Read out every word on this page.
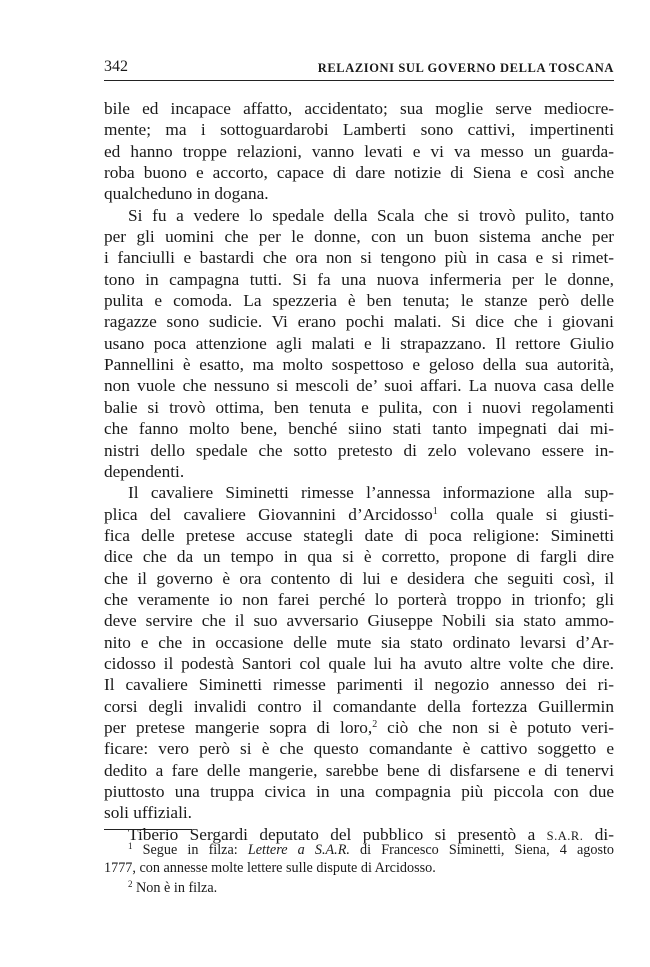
342	RELAZIONI SUL GOVERNO DELLA TOSCANA
bile ed incapace affatto, accidentato; sua moglie serve mediocre-
mente; ma i sottoguardarobi Lamberti sono cattivi, impertinenti
ed hanno troppe relazioni, vanno levati e vi va messo un guarda-
roba buono e accorto, capace di dare notizie di Siena e così anche
qualcheduno in dogana.
Si fu a vedere lo spedale della Scala che si trovò pulito, tanto
per gli uomini che per le donne, con un buon sistema anche per
i fanciulli e bastardi che ora non si tengono più in casa e si rimet-
tono in campagna tutti. Si fa una nuova infermeria per le donne,
pulita e comoda. La spezzeria è ben tenuta; le stanze però delle
ragazze sono sudicie. Vi erano pochi malati. Si dice che i giovani
usano poca attenzione agli malati e li strapazzano. Il rettore Giulio
Pannellini è esatto, ma molto sospettoso e geloso della sua autorità,
non vuole che nessuno si mescoli de’ suoi affari. La nuova casa delle
balie si trovò ottima, ben tenuta e pulita, con i nuovi regolamenti
che fanno molto bene, benché siino stati tanto impegnati dai mi-
nistri dello spedale che sotto pretesto di zelo volevano essere in-
dependenti.
Il cavaliere Siminetti rimesse l’annessa informazione alla sup-
plica del cavaliere Giovannini d’Arcidosso$^1$ colla quale si giusti-
fica delle pretese accuse stategli date di poca religione: Siminetti
dice che da un tempo in qua si è corretto, propone di fargli dire
che il governo è ora contento di lui e desidera che seguiti così, il
che veramente io non farei perché lo porterà troppo in trionfo; gli
deve servire che il suo avversario Giuseppe Nobili sia stato ammo-
nito e che in occasione delle mute sia stato ordinato levarsi d’Ar-
cidosso il podestà Santori col quale lui ha avuto altre volte che dire.
Il cavaliere Siminetti rimesse parimenti il negozio annesso dei ri-
corsi degli invalidi contro il comandante della fortezza Guillermin
per pretese mangerie sopra di loro,$^2$ ciò che non si è potuto veri-
ficare: vero però si è che questo comandante è cattivo soggetto e
dedito a fare delle mangerie, sarebbe bene di disfarsene e di tenervi
piuttosto una truppa civica in una compagnia più piccola con due
soli uffiziali.
Tiberio Sergardi deputato del pubblico si presentò a S.A.R. di-
$^1$ Segue in filza: Lettere a S.A.R. di Francesco Siminetti, Siena, 4 agosto
1777, con annesse molte lettere sulle dispute di Arcidosso.
$^2$ Non è in filza.
